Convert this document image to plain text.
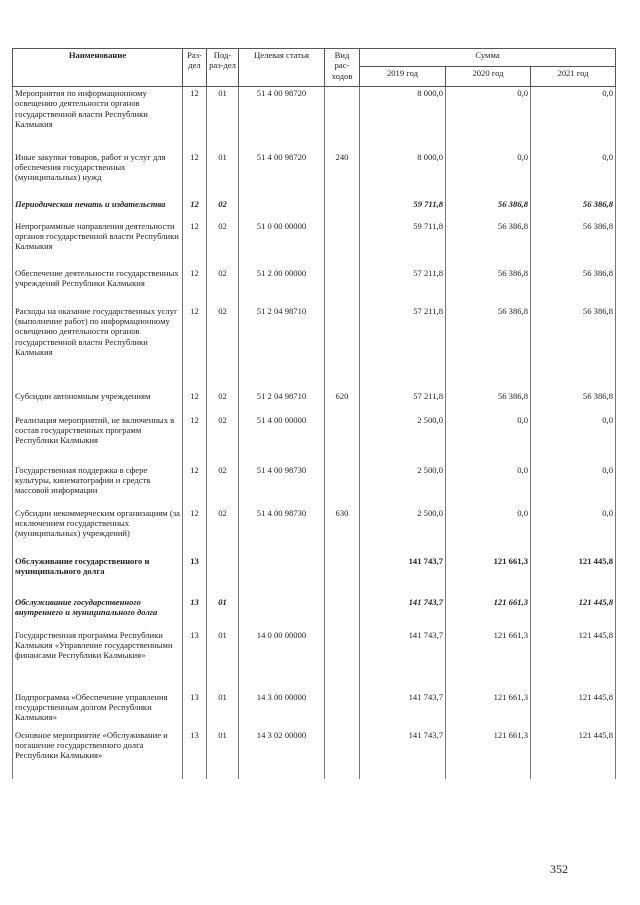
Наименование	Раз-дел	Под-раз-дел	Целевая статья	Вид рас-ходов	Сумма		
					2019 год	2020 год	2021 год
Мероприятия по информационному освещению деятельности органов государственной власти Республики Калмыкия	12	01	51 4 00 98720		8 000,0	0,0	0,0
Иные закупки товаров, работ и услуг для обеспечения государственных (муниципальных) нужд	12	01	51 4 00 98720	240	8 000,0	0,0	0,0
Периодическая печать и издательства	12	02			59 711,8	56 386,8	56 386,8
Непрограммные направления деятельности органов государственной власти Республики Калмыкия	12	02	51 0 00 00000		59 711,8	56 386,8	56 386,8
Обеспечение деятельности государственных учреждений Республики Калмыкия	12	02	51 2 00 00000		57 211,8	56 386,8	56 386,8
Расходы на оказание государственных услуг (выполнение работ) по информационному освещению деятельности органов государственной власти Республики Калмыкия	12	02	51 2 04 98710		57 211,8	56 386,8	56 386,8
Субсидии автономным учреждениям	12	02	51 2 04 98710	620	57 211,8	56 386,8	56 386,8
Реализация мероприятий, не включенных в состав государственных программ Республики Калмыкия	12	02	51 4 00 00000		2 500,0	0,0	0,0
Государственная поддержка в сфере культуры, кинематографии и средств массовой информации	12	02	51 4 00 98730		2 500,0	0,0	0,0
Субсидии некоммерческим организациям (за исключением государственных (муниципальных) учреждений)	12	02	51 4 00 98730	630	2 500,0	0,0	0,0
Обслуживание государственного и муниципального долга	13				141 743,7	121 661,3	121 445,8
Обслуживание государственного внутреннего и муниципального долга	13	01			141 743,7	121 661,3	121 445,8
Государственная программа Республики Калмыкия «Управление государственными финансами Республики Калмыкия»	13	01	14 0 00 00000		141 743,7	121 661,3	121 445,8
Подпрограмма «Обеспечение управления государственным долгом Республики Калмыкия»	13	01	14 3 00 00000		141 743,7	121 661,3	121 445,8
Основное мероприятие «Обслуживание и погашение государственного долга Республики Калмыкия»	13	01	14 3 02 00000		141 743,7	121 661,3	121 445,8
352
